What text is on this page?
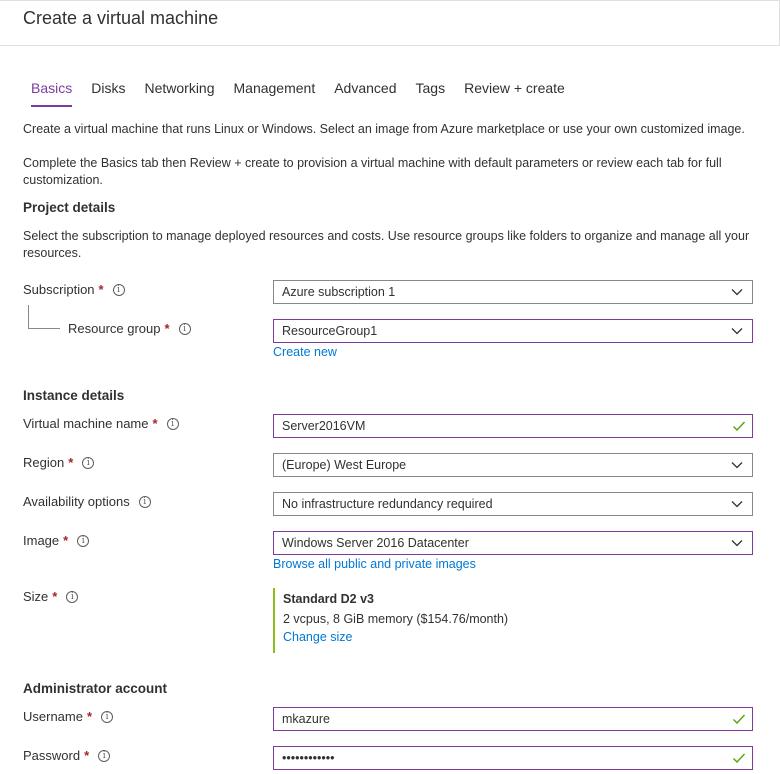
Create a virtual machine
Basics Disks Networking Management Advanced Tags Review + create
Create a virtual machine that runs Linux or Windows. Select an image from Azure marketplace or use your own customized image.
Complete the Basics tab then Review + create to provision a virtual machine with default parameters or review each tab for full customization.
Project details
Select the subscription to manage deployed resources and costs. Use resource groups like folders to organize and manage all your resources.
Subscription *	i	Azure subscription 1
Resource group *	i	ResourceGroup1
Create new
Instance details
Virtual machine name *	i	Server2016VM
Region *	i	(Europe) West Europe
Availability options	i	No infrastructure redundancy required
Image *	i	Windows Server 2016 Datacenter
Browse all public and private images
Size *	i	Standard D2 v3
2 vcpus, 8 GiB memory ($154.76/month)
Change size
Administrator account
Username *	i	mkazure
Password *	i	••••••••••••
